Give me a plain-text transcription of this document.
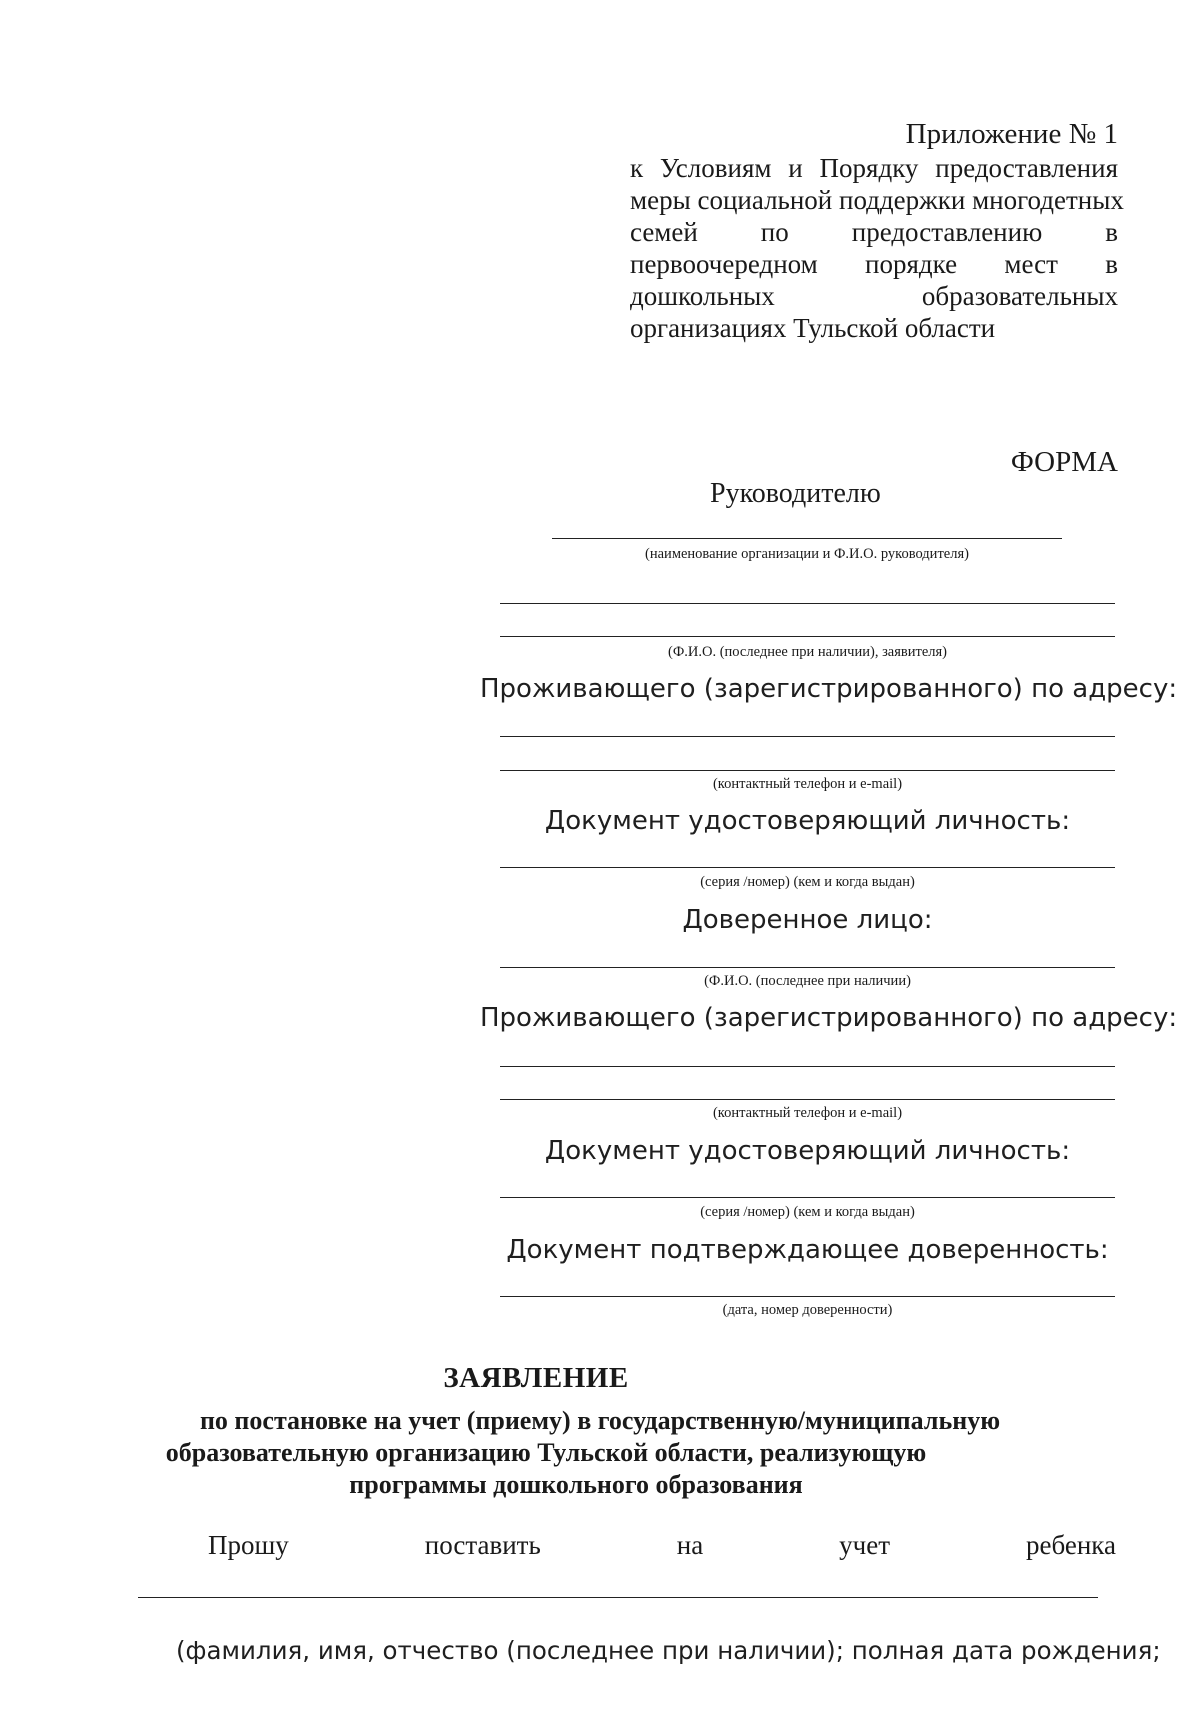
Приложение № 1
к Условиям и Порядку предоставления
меры социальной поддержки многодетных
семей по предоставлению в
первоочередном порядке мест в
дошкольных образовательных
организациях Тульской области
ФОРМА
Руководителю
(наименование организации и Ф.И.О. руководителя)
(Ф.И.О. (последнее при наличии), заявителя)
Проживающего (зарегистрированного) по адресу:
(контактный телефон и e-mail)
Документ удостоверяющий личность:
(серия /номер) (кем и когда выдан)
Доверенное лицо:
(Ф.И.О. (последнее при наличии)
Проживающего (зарегистрированного) по адресу:
(контактный телефон и e-mail)
Документ удостоверяющий личность:
(серия /номер) (кем и когда выдан)
Документ подтверждающее доверенность:
(дата, номер доверенности)
ЗАЯВЛЕНИЕ
по постановке на учет (приему) в государственную/муниципальную
образовательную организацию Тульской области, реализующую
программы дошкольного образования
Прошу поставить на учет ребенка
(фамилия, имя, отчество (последнее при наличии); полная дата рождения;
